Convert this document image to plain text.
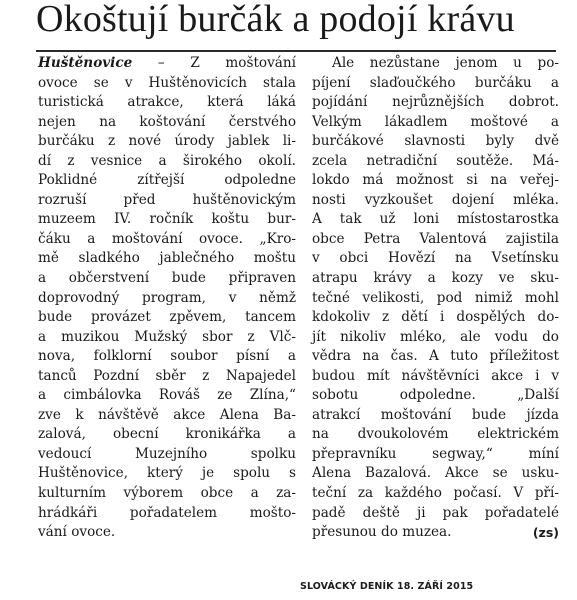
Okoštují burčák a podojí krávu
Huštěnovice – Z moštování
ovoce se v Huštěnovicích stala
turistická atrakce, která láká
nejen na koštování čerstvého
burčáku z nové úrody jablek li-
dí z vesnice a širokého okolí.
Poklidné zítřejší odpoledne
rozruší před huštěnovickým
muzeem IV. ročník koštu bur-
čáku a moštování ovoce. „Kro-
mě sladkého jablečného moštu
a občerstvení bude připraven
doprovodný program, v němž
bude provázet zpěvem, tancem
a muzikou Mužský sbor z Vlč-
nova, folklorní soubor písní a
tanců Pozdní sběr z Napajedel
a cimbálovka Rováš ze Zlína,“
zve k návštěvě akce Alena Ba-
zalová, obecní kronikářka a
vedoucí Muzejního spolku
Huštěnovice, který je spolu s
kulturním výborem obce a za-
hrádkáři pořadatelem mošto-
vání ovoce.
Ale nezůstane jenom u po-
píjení slaďoučkého burčáku a
pojídání nejrůznějších dobrot.
Velkým lákadlem moštové a
burčákové slavnosti byly dvě
zcela netradiční soutěže. Má-
lokdo má možnost si na veřej-
nosti vyzkoušet dojení mléka.
A tak už loni místostarostka
obce Petra Valentová zajistila
v obci Hovězí na Vsetínsku
atrapu krávy a kozy ve sku-
tečné velikosti, pod nimiž mohl
kdokoliv z dětí i dospělých do-
jít nikoliv mléko, ale vodu do
vědra na čas. A tuto příležitost
budou mít návštěvníci akce i v
sobotu odpoledne. „Další
atrakcí moštování bude jízda
na dvoukolovém elektrickém
přepravníku segway,“ míní
Alena Bazalová. Akce se usku-
teční za každého počasí. V pří-
padě deště ji pak pořadatelé
přesunou do muzea.	(zs)
SLOVÁCKÝ DENÍK 18. ZÁŘÍ 2015
